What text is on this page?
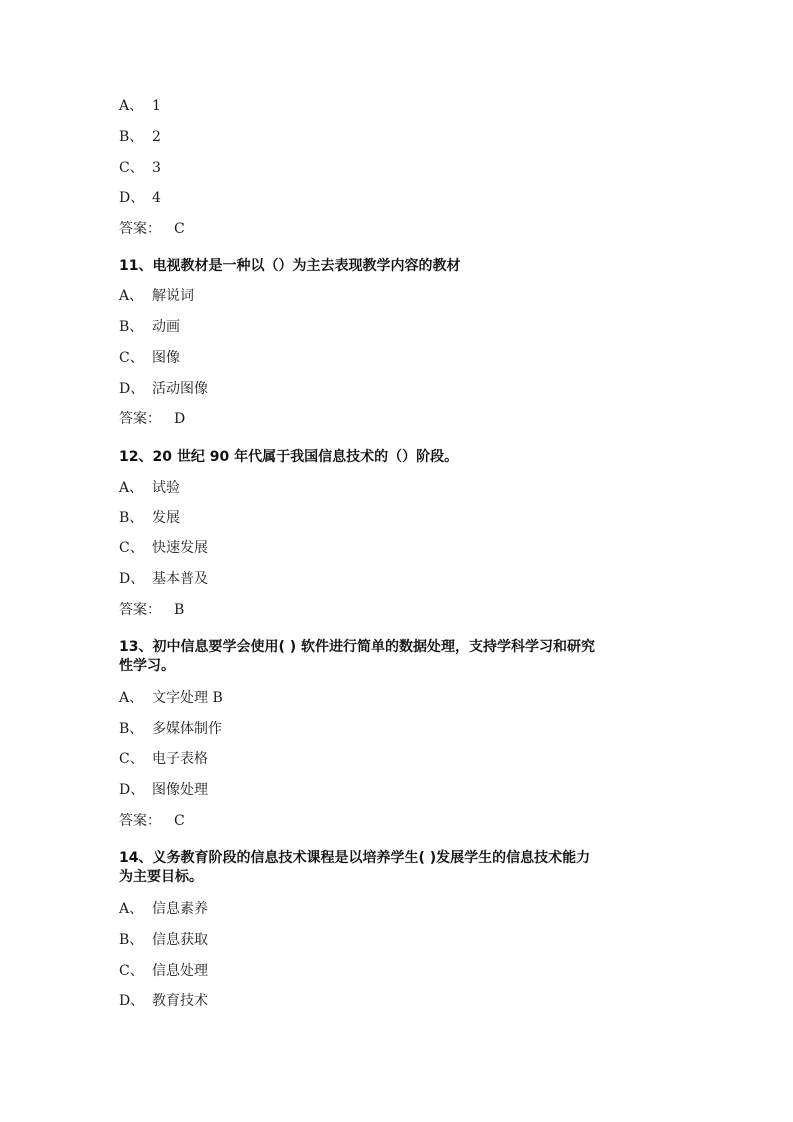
A、 1
B、 2
C、 3
D、 4
答案： C
11、电视教材是一种以（）为主去表现教学内容的教材
A、 解说词
B、 动画
C、 图像
D、 活动图像
答案： D
12、20 世纪 90 年代属于我国信息技术的（）阶段。
A、 试验
B、 发展
C、 快速发展
D、 基本普及
答案： B
13、初中信息要学会使用( ) 软件进行简单的数据处理，支持学科学习和研究
性学习。
A、 文字处理 B
B、 多媒体制作
C、 电子表格
D、 图像处理
答案： C
14、义务教育阶段的信息技术课程是以培养学生( )发展学生的信息技术能力
为主要目标。
A、 信息素养
B、 信息获取
C、 信息处理
D、 教育技术
